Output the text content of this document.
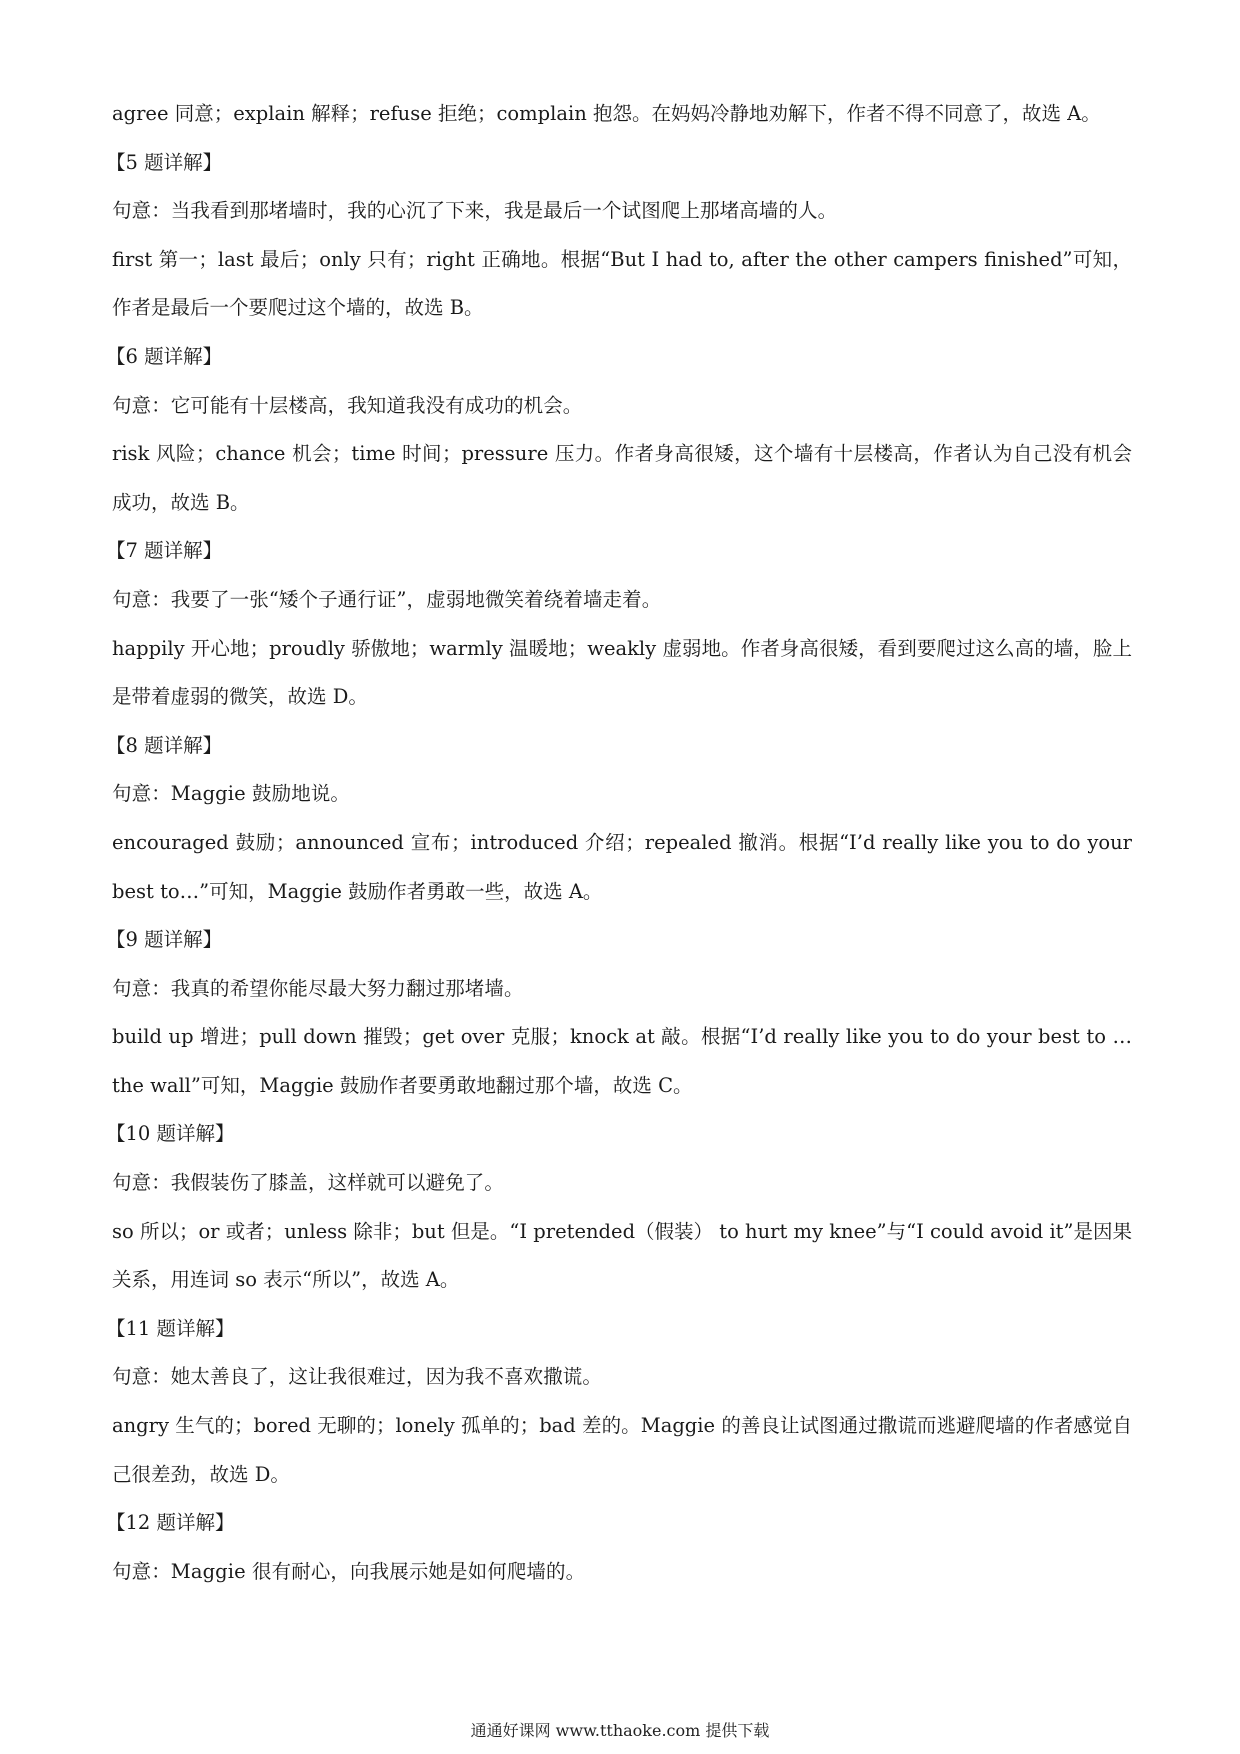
agree 同意；explain 解释；refuse 拒绝；complain 抱怨。在妈妈冷静地劝解下，作者不得不同意了，故选 A。

【5 题详解】

句意：当我看到那堵墙时，我的心沉了下来，我是最后一个试图爬上那堵高墙的人。

first 第一；last 最后；only 只有；right 正确地。根据“But I had to, after the other campers finished”可知，作者是最后一个要爬过这个墙的，故选 B。

【6 题详解】

句意：它可能有十层楼高，我知道我没有成功的机会。

risk 风险；chance 机会；time 时间；pressure 压力。作者身高很矮，这个墙有十层楼高，作者认为自己没有机会成功，故选 B。

【7 题详解】

句意：我要了一张“矮个子通行证”，虚弱地微笑着绕着墙走着。

happily 开心地；proudly 骄傲地；warmly 温暖地；weakly 虚弱地。作者身高很矮，看到要爬过这么高的墙，脸上是带着虚弱的微笑，故选 D。

【8 题详解】

句意：Maggie 鼓励地说。

encouraged 鼓励；announced 宣布；introduced 介绍；repealed 撤消。根据“I’d really like you to do your best to…”可知，Maggie 鼓励作者勇敢一些，故选 A。

【9 题详解】

句意：我真的希望你能尽最大努力翻过那堵墙。

build up 增进；pull down 摧毁；get over 克服；knock at 敲。根据“I’d really like you to do your best to … the wall”可知，Maggie 鼓励作者要勇敢地翻过那个墙，故选 C。

【10 题详解】

句意：我假装伤了膝盖，这样就可以避免了。

so 所以；or 或者；unless 除非；but 但是。“I pretended（假装） to hurt my knee”与“I could avoid it”是因果关系，用连词 so 表示“所以”，故选 A。

【11 题详解】

句意：她太善良了，这让我很难过，因为我不喜欢撒谎。

angry 生气的；bored 无聊的；lonely 孤单的；bad 差的。Maggie 的善良让试图通过撒谎而逃避爬墙的作者感觉自己很差劲，故选 D。

【12 题详解】

句意：Maggie 很有耐心，向我展示她是如何爬墙的。

通通好课网 www.tthaoke.com 提供下载
